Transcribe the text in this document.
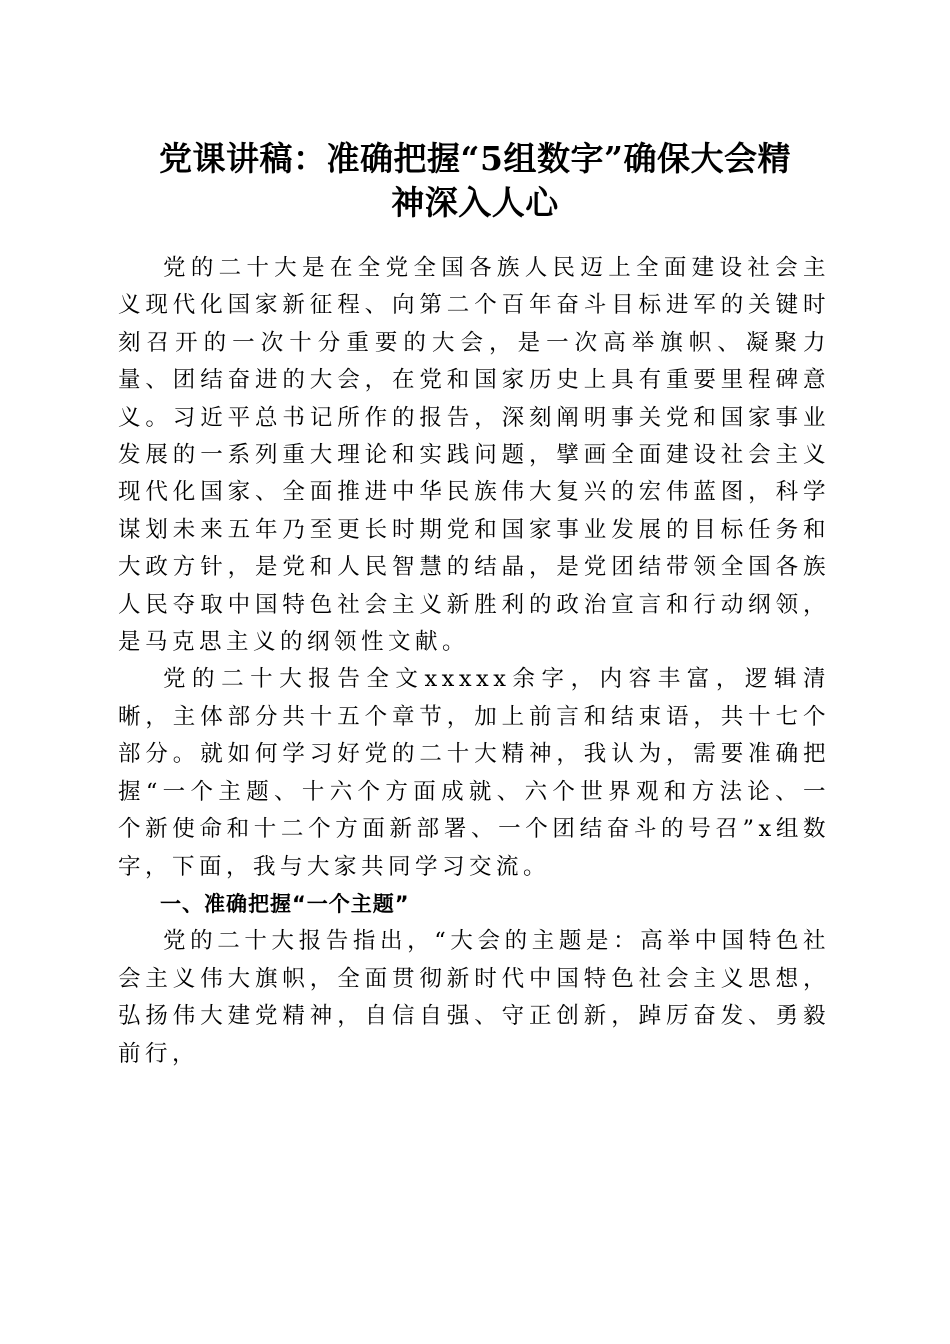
党课讲稿：准确把握“5组数字”确保大会精
神深入人心

党的二十大是在全党全国各族人民迈上全面建设社会主义现代化国家新征程、向第二个百年奋斗目标进军的关键时刻召开的一次十分重要的大会，是一次高举旗帜、凝聚力量、团结奋进的大会，在党和国家历史上具有重要里程碑意义。习近平总书记所作的报告，深刻阐明事关党和国家事业发展的一系列重大理论和实践问题，擘画全面建设社会主义现代化国家、全面推进中华民族伟大复兴的宏伟蓝图，科学谋划未来五年乃至更长时期党和国家事业发展的目标任务和大政方针，是党和人民智慧的结晶，是党团结带领全国各族人民夺取中国特色社会主义新胜利的政治宣言和行动纲领，是马克思主义的纲领性文献。

党的二十大报告全文xxxxx余字，内容丰富，逻辑清晰，主体部分共十五个章节，加上前言和结束语，共十七个部分。就如何学习好党的二十大精神，我认为，需要准确把握“一个主题、十六个方面成就、六个世界观和方法论、一个新使命和十二个方面新部署、一个团结奋斗的号召”x组数字，下面，我与大家共同学习交流。

一、准确把握“一个主题”

党的二十大报告指出，“大会的主题是：高举中国特色社会主义伟大旗帜，全面贯彻新时代中国特色社会主义思想，弘扬伟大建党精神，自信自强、守正创新，踔厉奋发、勇毅前行，
